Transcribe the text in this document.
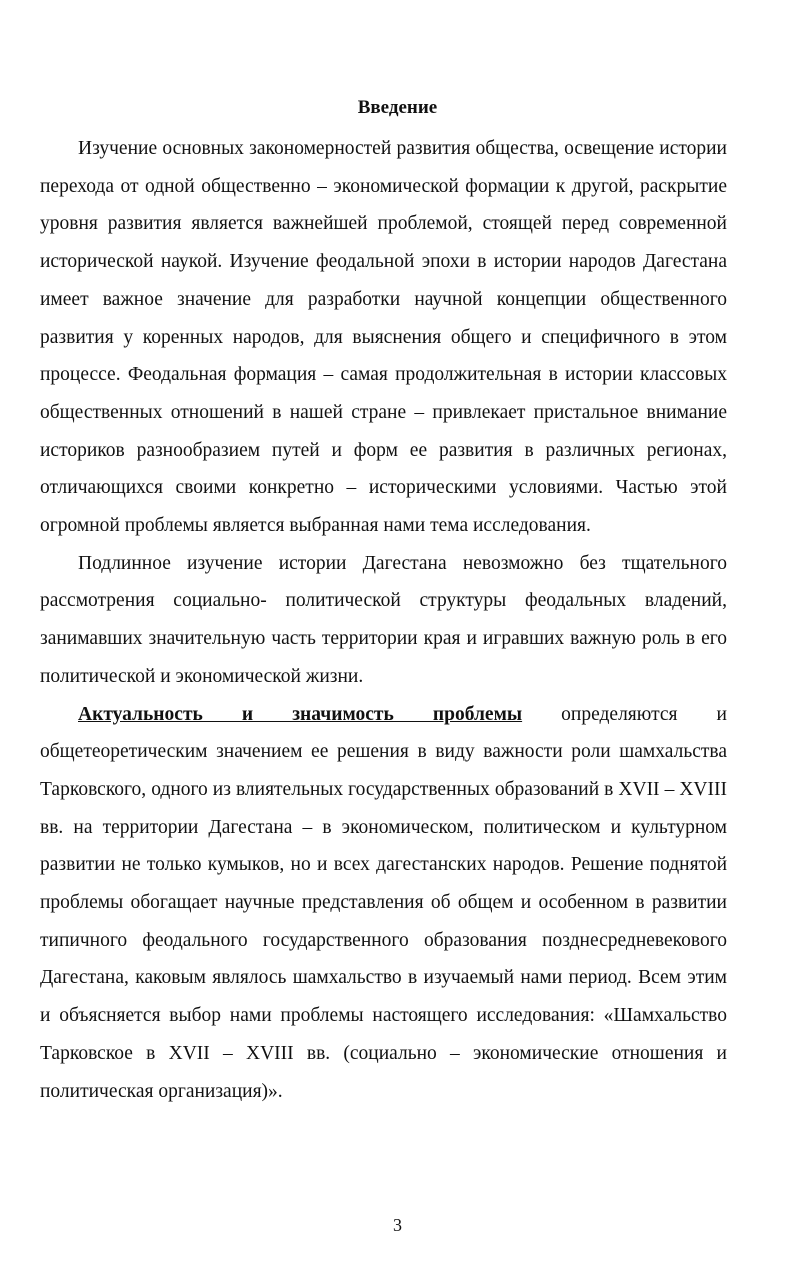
Введение

Изучение основных закономерностей развития общества, освещение истории перехода от одной общественно – экономической формации к другой, раскрытие уровня развития является важнейшей проблемой, стоящей перед современной исторической наукой. Изучение феодальной эпохи в истории народов Дагестана имеет важное значение для разработки научной концепции общественного развития у коренных народов, для выяснения общего и специфичного в этом процессе. Феодальная формация – самая продолжительная в истории классовых общественных отношений в нашей стране – привлекает пристальное внимание историков разнообразием путей и форм ее развития в различных регионах, отличающихся своими конкретно – историческими условиями. Частью этой огромной проблемы является выбранная нами тема исследования.

Подлинное изучение истории Дагестана невозможно без тщательного рассмотрения социально- политической структуры феодальных владений, занимавших значительную часть территории края и игравших важную роль в его политической и экономической жизни.

Актуальность и значимость проблемы определяются и общетеоретическим значением ее решения в виду важности роли шамхальства Тарковского, одного из влиятельных государственных образований в XVII – XVIII вв. на территории Дагестана – в экономическом, политическом и культурном развитии не только кумыков, но и всех дагестанских народов. Решение поднятой проблемы обогащает научные представления об общем и особенном в развитии типичного феодального государственного образования позднесредневекового Дагестана, каковым являлось шамхальство в изучаемый нами период. Всем этим и объясняется выбор нами проблемы настоящего исследования: «Шамхальство Тарковское в XVII – XVIII вв. (социально – экономические отношения и политическая организация)».

3
